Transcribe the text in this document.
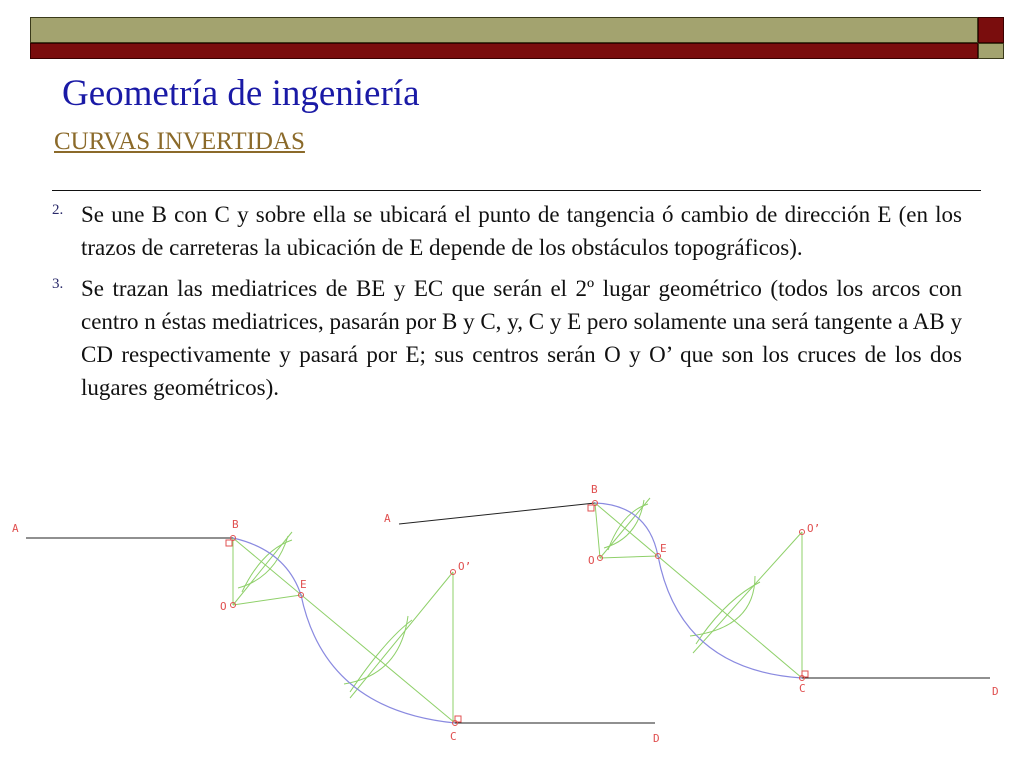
Geometría de ingeniería
CURVAS INVERTIDAS
2. Se une B con C y sobre ella se ubicará el punto de tangencia ó cambio de dirección E (en los trazos de carreteras la ubicación de E depende de los obstáculos topográficos).
3. Se trazan las mediatrices de BE y EC que serán el 2º lugar geométrico (todos los arcos con centro n éstas mediatrices, pasarán por B y C, y, C y E pero solamente una será tangente a AB y CD respectivamente y pasará por E; sus centros serán O y O’ que son los cruces de los dos lugares geométricos).
A	B
E
O
O’
C	D
A
B
E
O
O’
C	D
